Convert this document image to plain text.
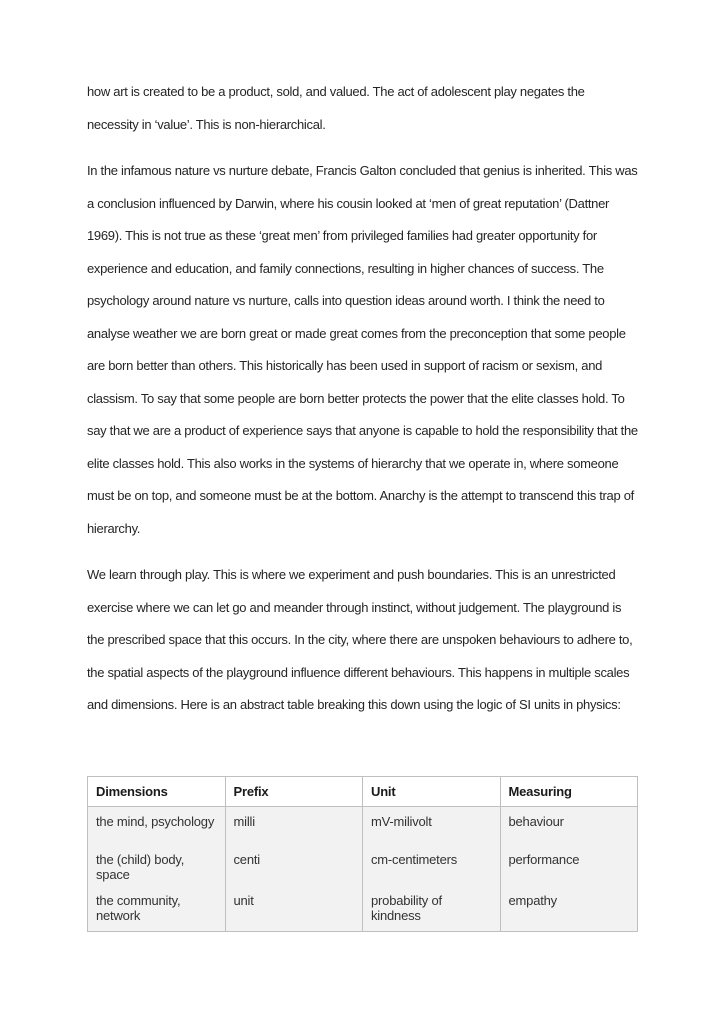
how art is created to be a product, sold, and valued. The act of adolescent play negates the necessity in ‘value’. This is non-hierarchical.

In the infamous nature vs nurture debate, Francis Galton concluded that genius is inherited. This was a conclusion influenced by Darwin, where his cousin looked at ‘men of great reputation’ (Dattner 1969). This is not true as these ‘great men’ from privileged families had greater opportunity for experience and education, and family connections, resulting in higher chances of success. The psychology around nature vs nurture, calls into question ideas around worth. I think the need to analyse weather we are born great or made great comes from the preconception that some people are born better than others. This historically has been used in support of racism or sexism, and classism. To say that some people are born better protects the power that the elite classes hold. To say that we are a product of experience says that anyone is capable to hold the responsibility that the elite classes hold. This also works in the systems of hierarchy that we operate in, where someone must be on top, and someone must be at the bottom. Anarchy is the attempt to transcend this trap of hierarchy.

We learn through play. This is where we experiment and push boundaries. This is an unrestricted exercise where we can let go and meander through instinct, without judgement. The playground is the prescribed space that this occurs. In the city, where there are unspoken behaviours to adhere to, the spatial aspects of the playground influence different behaviours. This happens in multiple scales and dimensions. Here is an abstract table breaking this down using the logic of SI units in physics:

Dimensions	Prefix	Unit	Measuring
the mind, psychology	milli	mV-milivolt	behaviour
the (child) body, space	centi	cm-centimeters	performance
the community, network	unit	probability of kindness	empathy
